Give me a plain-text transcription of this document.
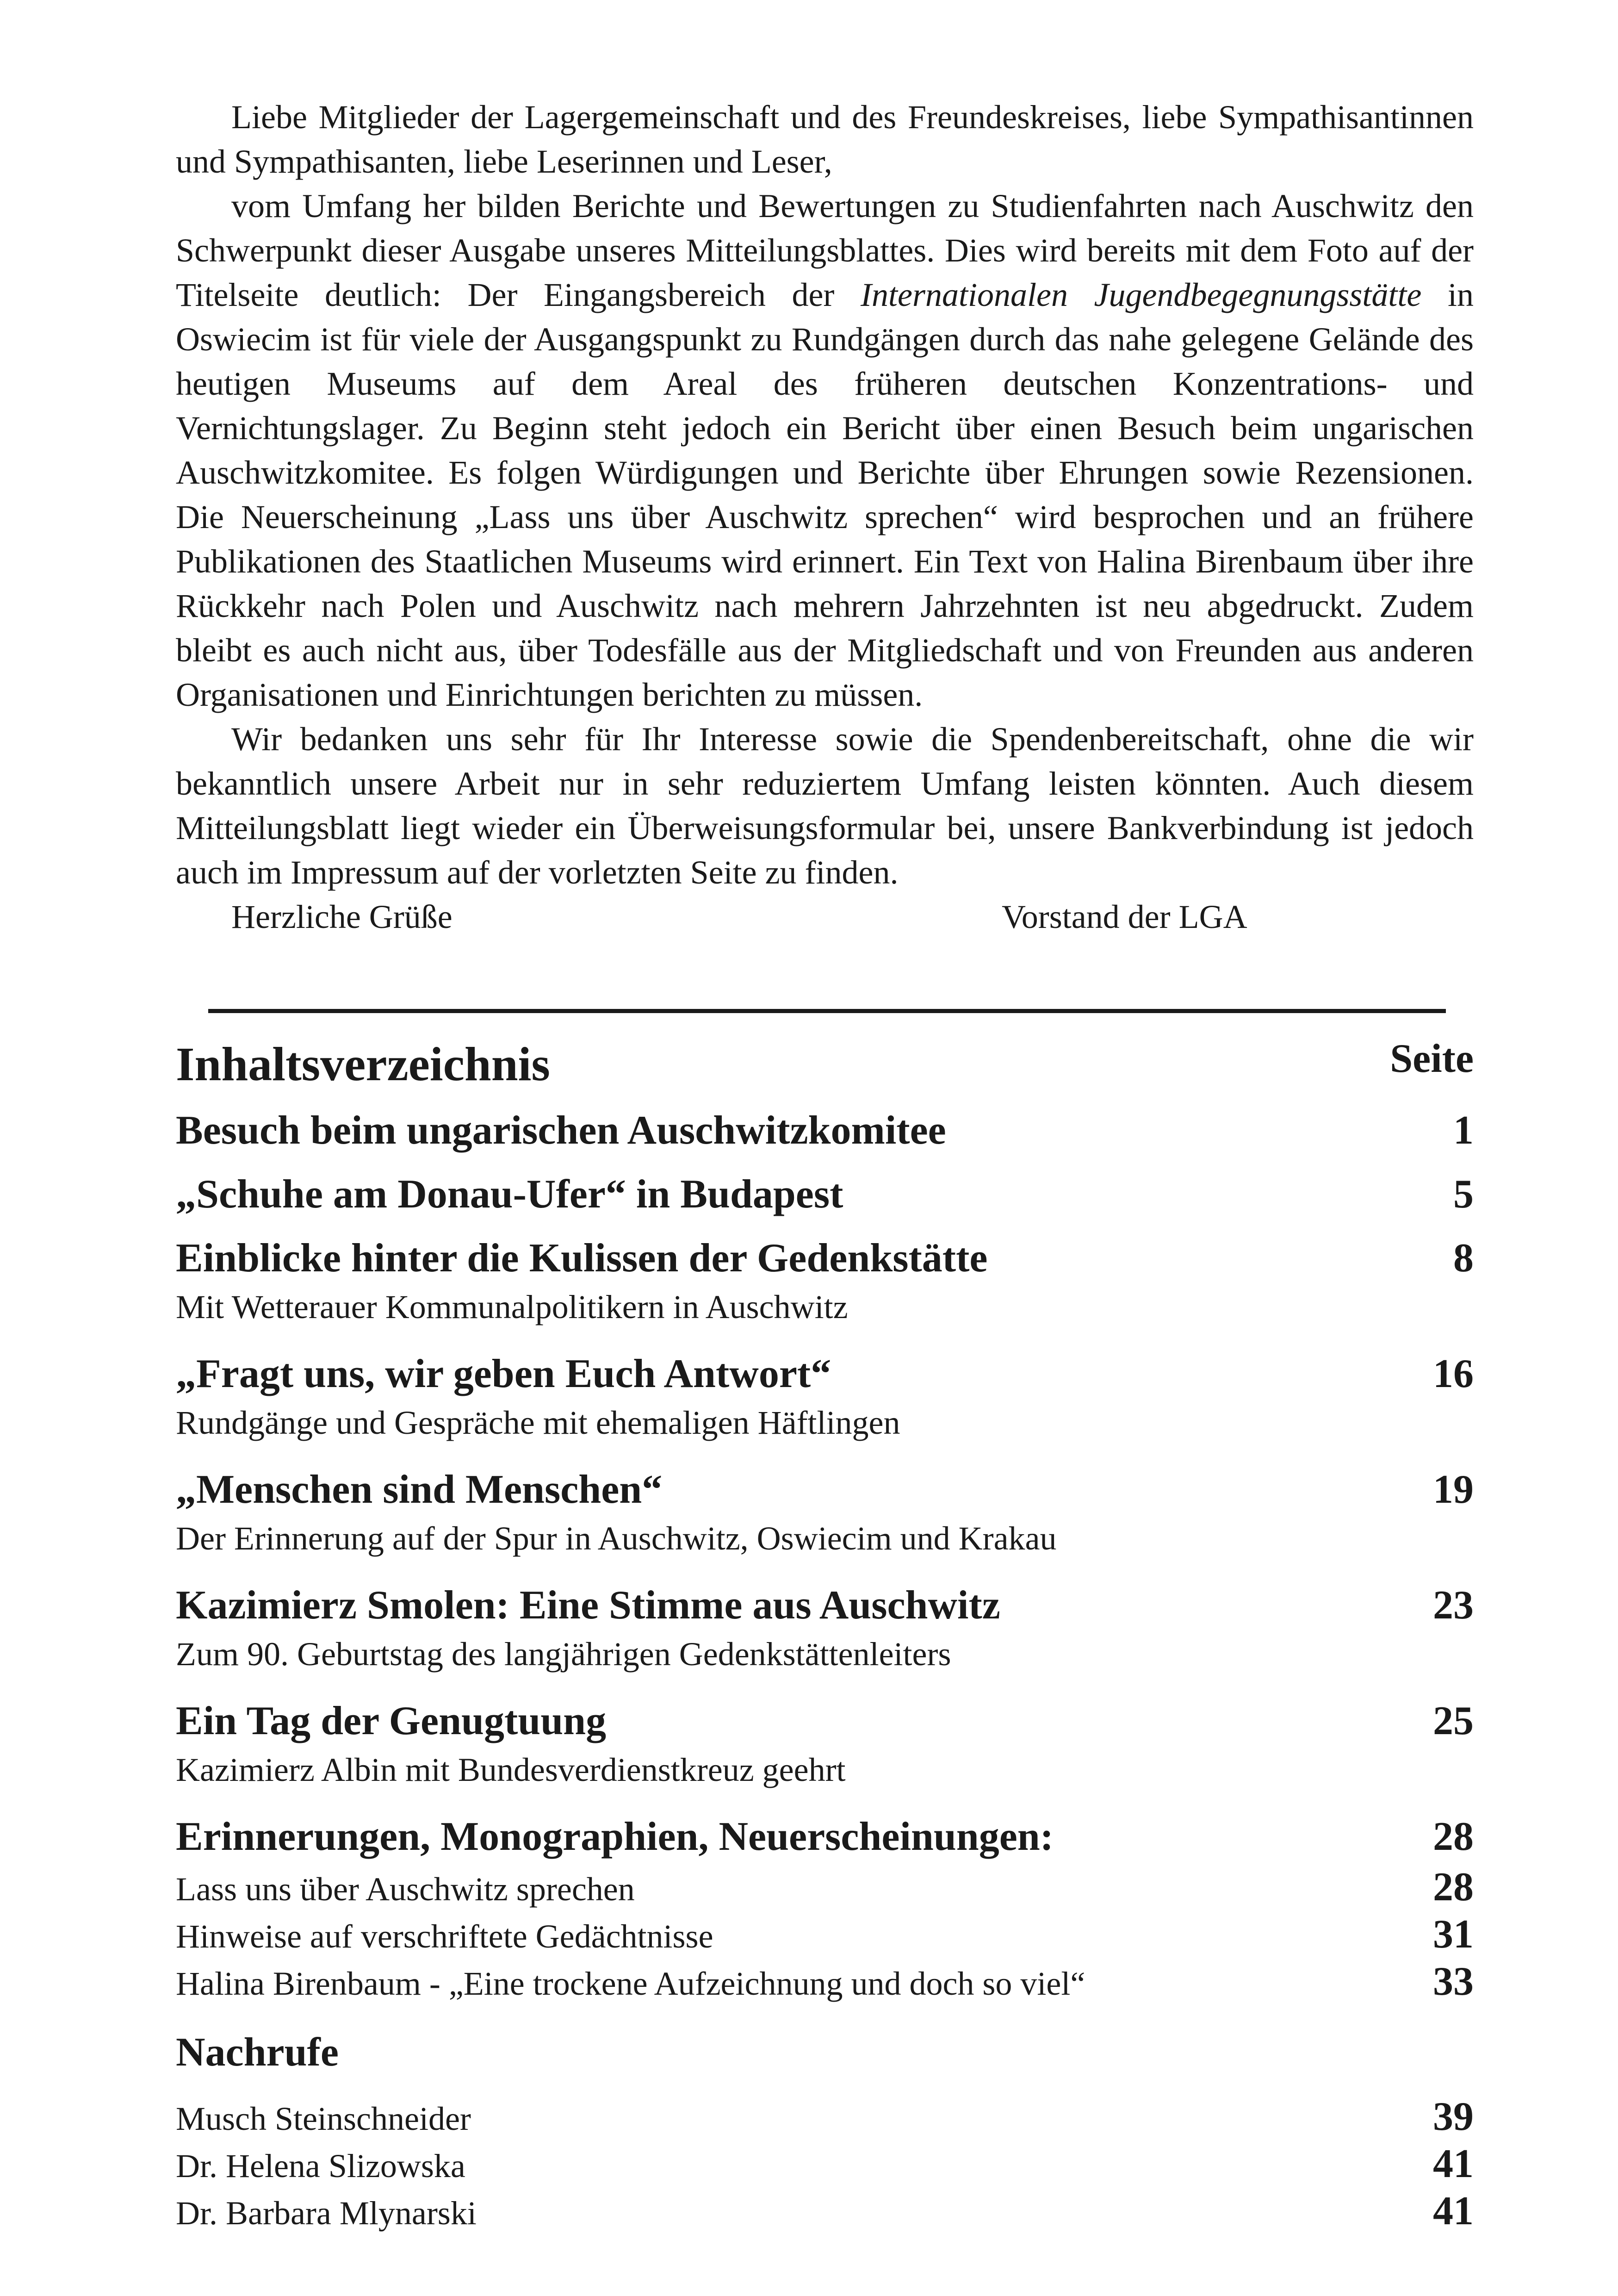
Liebe Mitglieder der Lagergemeinschaft und des Freundeskreises, liebe Sympathisantinnen und Sympathisanten, liebe Leserinnen und Leser,

vom Umfang her bilden Berichte und Bewertungen zu Studienfahrten nach Auschwitz den Schwerpunkt dieser Ausgabe unseres Mitteilungsblattes. Dies wird bereits mit dem Foto auf der Titelseite deutlich: Der Eingangsbereich der Internationalen Jugendbegegnungsstätte in Oswiecim ist für viele der Ausgangspunkt zu Rundgängen durch das nahe gelegene Gelände des heutigen Museums auf dem Areal des früheren deutschen Konzentrations- und Vernichtungslager. Zu Beginn steht jedoch ein Bericht über einen Besuch beim ungarischen Auschwitzkomitee. Es folgen Würdigungen und Berichte über Ehrungen sowie Rezensionen. Die Neuerscheinung „Lass uns über Auschwitz sprechen“ wird besprochen und an frühere Publikationen des Staatlichen Museums wird erinnert. Ein Text von Halina Birenbaum über ihre Rückkehr nach Polen und Auschwitz nach mehrern Jahrzehnten ist neu abgedruckt. Zudem bleibt es auch nicht aus, über Todesfälle aus der Mitgliedschaft und von Freunden aus anderen Organisationen und Einrichtungen berichten zu müssen.

Wir bedanken uns sehr für Ihr Interesse sowie die Spendenbereitschaft, ohne die wir bekanntlich unsere Arbeit nur in sehr reduziertem Umfang leisten könnten. Auch diesem Mitteilungsblatt liegt wieder ein Überweisungsformular bei, unsere Bankverbindung ist jedoch auch im Impressum auf der vorletzten Seite zu finden.

Herzliche Grüße	Vorstand der LGA
Inhaltsverzeichnis	Seite
Besuch beim ungarischen Auschwitzkomitee	1
„Schuhe am Donau-Ufer“ in Budapest	5
Einblicke hinter die Kulissen der Gedenkstätte	8
Mit Wetterauer Kommunalpolitikern in Auschwitz
„Fragt uns, wir geben Euch Antwort“	16
Rundgänge und Gespräche mit ehemaligen Häftlingen
„Menschen sind Menschen“	19
Der Erinnerung auf der Spur in Auschwitz, Oswiecim und Krakau
Kazimierz Smolen: Eine Stimme aus Auschwitz	23
Zum 90. Geburtstag des langjährigen Gedenkstättenleiters
Ein Tag der Genugtuung	25
Kazimierz Albin mit Bundesverdienstkreuz geehrt
Erinnerungen, Monographien, Neuerscheinungen:	28
Lass uns über Auschwitz sprechen	28
Hinweise auf verschriftete Gedächtnisse	31
Halina Birenbaum - „Eine trockene Aufzeichnung und doch so viel“	33
Nachrufe
Musch Steinschneider	39
Dr. Helena Slizowska	41
Dr. Barbara Mlynarski	41
